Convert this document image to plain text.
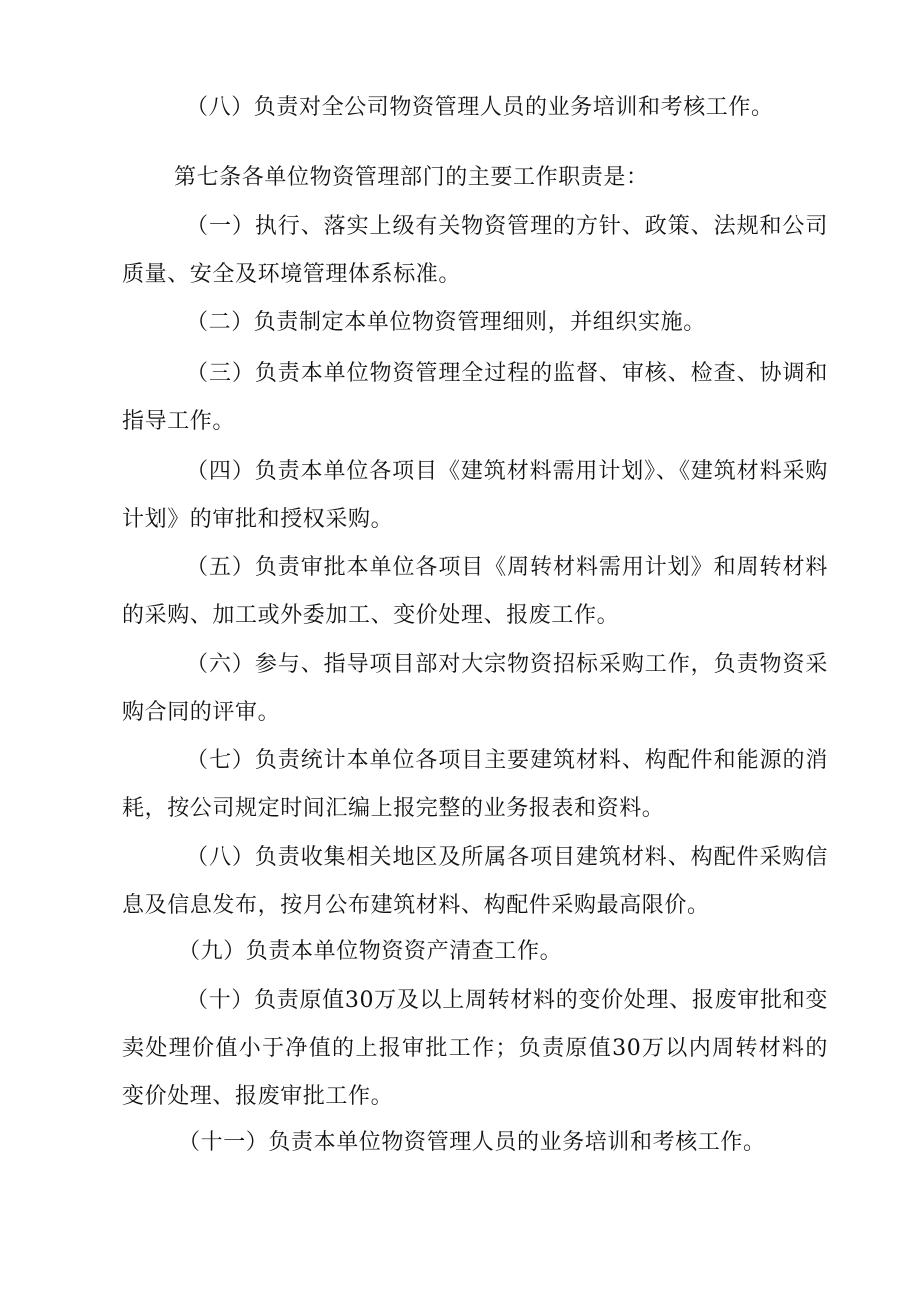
（八）负责对全公司物资管理人员的业务培训和考核工作。

第七条各单位物资管理部门的主要工作职责是：

（一）执行、落实上级有关物资管理的方针、政策、法规和公司质量、安全及环境管理体系标准。

（二）负责制定本单位物资管理细则，并组织实施。

（三）负责本单位物资管理全过程的监督、审核、检查、协调和指导工作。

（四）负责本单位各项目《建筑材料需用计划》、《建筑材料采购计划》的审批和授权采购。

（五）负责审批本单位各项目《周转材料需用计划》和周转材料的采购、加工或外委加工、变价处理、报废工作。

（六）参与、指导项目部对大宗物资招标采购工作，负责物资采购合同的评审。

（七）负责统计本单位各项目主要建筑材料、构配件和能源的消耗，按公司规定时间汇编上报完整的业务报表和资料。

（八）负责收集相关地区及所属各项目建筑材料、构配件采购信息及信息发布，按月公布建筑材料、构配件采购最高限价。

（九）负责本单位物资资产清查工作。

（十）负责原值30万及以上周转材料的变价处理、报废审批和变卖处理价值小于净值的上报审批工作；负责原值30万以内周转材料的变价处理、报废审批工作。

（十一）负责本单位物资管理人员的业务培训和考核工作。
